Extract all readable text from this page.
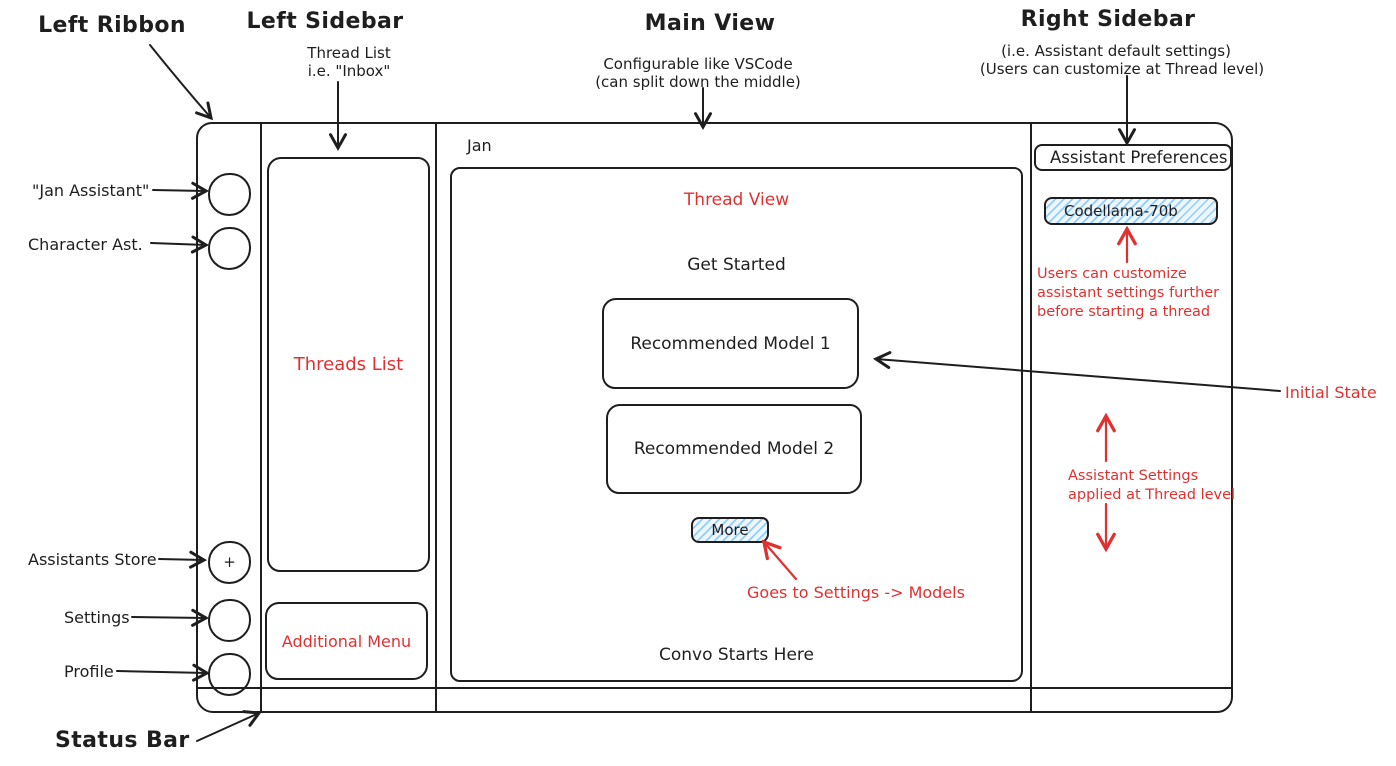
Left Ribbon	Left Sidebar
Thread List
i.e. "Inbox"
Main View
Configurable like VSCode
(can split down the middle)
Right Sidebar
(i.e. Assistant default settings)
(Users can customize at Thread level)
Status Bar
"Jan Assistant"
Character Ast.
Assistants Store
Settings
Profile
Initial State
Goes to Settings -> Models
Users can customize
assistant settings further
before starting a thread
Assistant Settings
applied at Thread level
+
Threads List
Additional Menu
Jan
Thread View
Get Started
Recommended Model 1
Recommended Model 2
More
Convo Starts Here
Assistant Preferences
Codellama-70b
